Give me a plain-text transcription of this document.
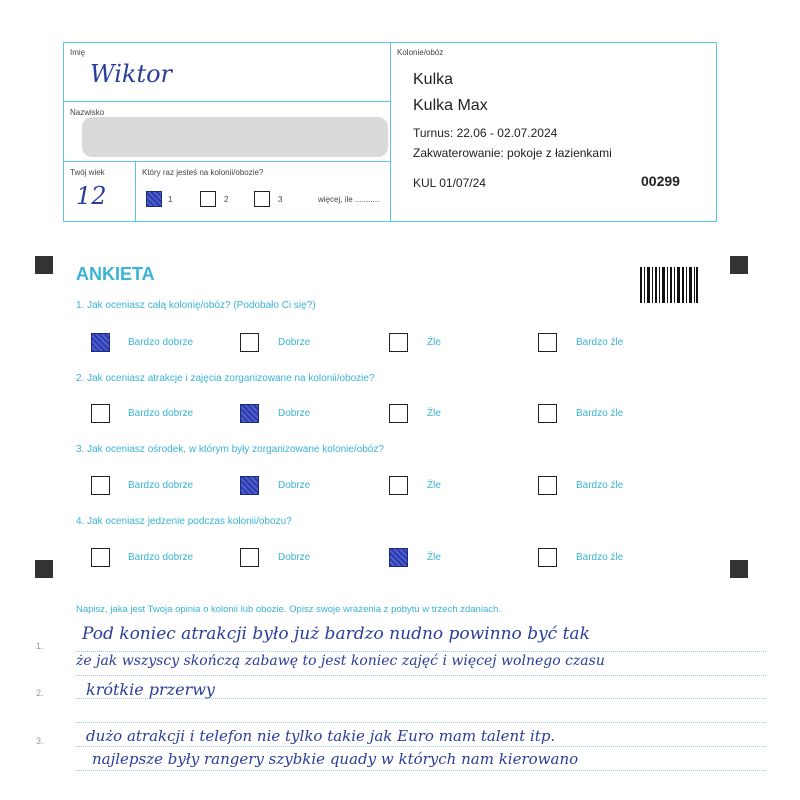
Imię
Wiktor
Nazwisko
Twój wiek
12
Który raz jesteś na kolonii/obozie?
1	2	3	więcej, ile ...........
Kolonie/obóz
Kulka
Kulka Max
Turnus: 22.06 - 02.07.2024
Zakwaterowanie: pokoje z łazienkami
KUL 01/07/24	00299
ANKIETA
1. Jak oceniasz całą kolonię/obóz? (Podobało Ci się?)
Bardzo dobrze	Dobrze	Źle	Bardzo źle
2. Jak oceniasz atrakcje i zajęcia zorganizowane na kolonii/obozie?
Bardzo dobrze	Dobrze	Źle	Bardzo źle
3. Jak oceniasz ośrodek, w którym były zorganizowane kolonie/obóz?
Bardzo dobrze	Dobrze	Źle	Bardzo źle
4. Jak oceniasz jedzenie podczas kolonii/obozu?
Bardzo dobrze	Dobrze	Źle	Bardzo źle
Napisz, jaka jest Twoja opinia o kolonii lub obozie. Opisz swoje wrażenia z pobytu w trzech zdaniach.
1.
2.
3.
Pod koniec atrakcji było już bardzo nudno powinno być tak
że jak wszyscy skończą zabawę to jest koniec zajęć i więcej wolnego czasu
krótkie przerwy
dużo atrakcji i telefon nie tylko takie jak Euro mam talent itp.
najlepsze były rangery szybkie quady w których nam kierowano
